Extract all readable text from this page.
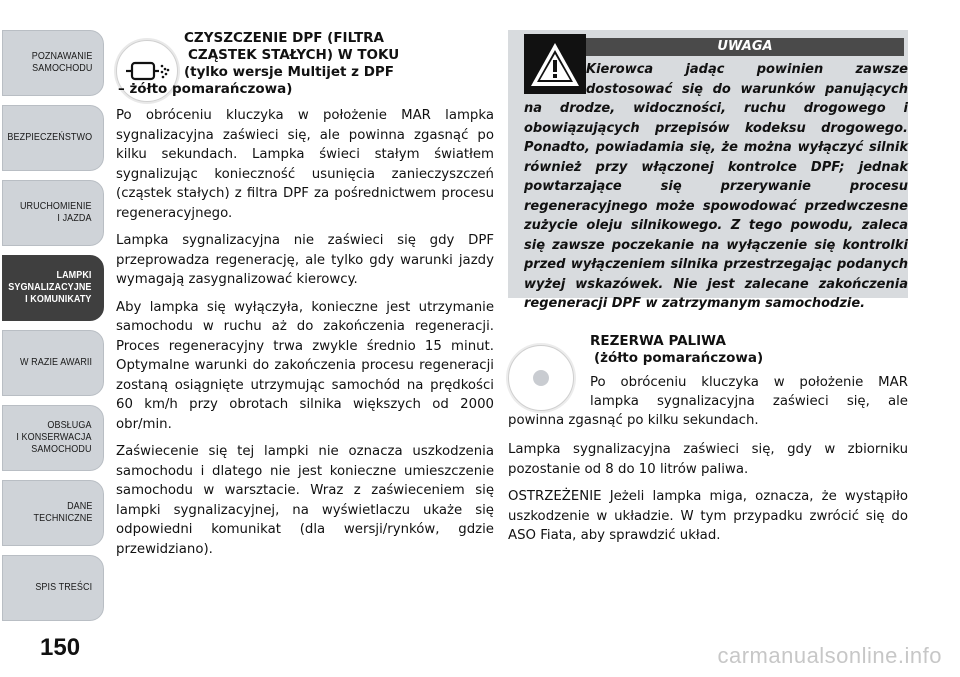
POZNAWANIE
SAMOCHODU
BEZPIECZEŃSTWO
URUCHOMIENIE
I JAZDA
LAMPKI
SYGNALIZACYJNE
I KOMUNIKATY
W RAZIE AWARII
OBSŁUGA
I KONSERWACJA
SAMOCHODU
DANE
TECHNICZNE
SPIS TREŚCI
150
CZYSZCZENIE DPF (FILTRA
CZĄSTEK STAŁYCH) W TOKU
(tylko wersje Multijet z DPF
– żółto pomarańczowa)

Po obróceniu kluczyka w położenie MAR lampka sygnalizacyjna zaświeci się, ale powinna zgasnąć po kilku sekundach. Lampka świeci stałym światłem sygnalizując konieczność usunięcia zanieczyszczeń (cząstek stałych) z filtra DPF za pośrednictwem procesu regeneracyjnego.

Lampka sygnalizacyjna nie zaświeci się gdy DPF przeprowadza regenerację, ale tylko gdy warunki jazdy wymagają zasygnalizować kierowcy.

Aby lampka się wyłączyła, konieczne jest utrzymanie samochodu w ruchu aż do zakończenia regeneracji. Proces regeneracyjny trwa zwykle średnio 15 minut. Optymalne warunki do zakończenia procesu regeneracji zostaną osiągnięte utrzymując samochód na prędkości 60 km/h przy obrotach silnika większych od 2000 obr/min.

Zaświecenie się tej lampki nie oznacza uszkodzenia samochodu i dlatego nie jest konieczne umieszczenie samochodu w warsztacie. Wraz z zaświeceniem się lampki sygnalizacyjnej, na wyświetlaczu ukaże się odpowiedni komunikat (dla wersji/rynków, gdzie przewidziano).

UWAGA

Kierowca jadąc powinien zawsze dostosować się do warunków panujących na drodze, widoczności, ruchu drogowego i obowiązujących przepisów kodeksu drogowego. Ponadto, powiadamia się, że można wyłączyć silnik również przy włączonej kontrolce DPF; jednak powtarzające się przerywanie procesu regeneracyjnego może spowodować przedwczesne zużycie oleju silnikowego. Z tego powodu, zaleca się zawsze poczekanie na wyłączenie się kontrolki przed wyłączeniem silnika przestrzegając podanych wyżej wskazówek. Nie jest zalecane zakończenia regeneracji DPF w zatrzymanym samochodzie.

REZERWA PALIWA
(żółto pomarańczowa)

Po obróceniu kluczyka w położenie MAR lampka sygnalizacyjna zaświeci się, ale powinna zgasnąć po kilku sekundach.

Lampka sygnalizacyjna zaświeci się, gdy w zbiorniku pozostanie od 8 do 10 litrów paliwa.

OSTRZEŻENIE Jeżeli lampka miga, oznacza, że wystąpiło uszkodzenie w układzie. W tym przypadku zwrócić się do ASO Fiata, aby sprawdzić układ.

carmanualsonline.info
